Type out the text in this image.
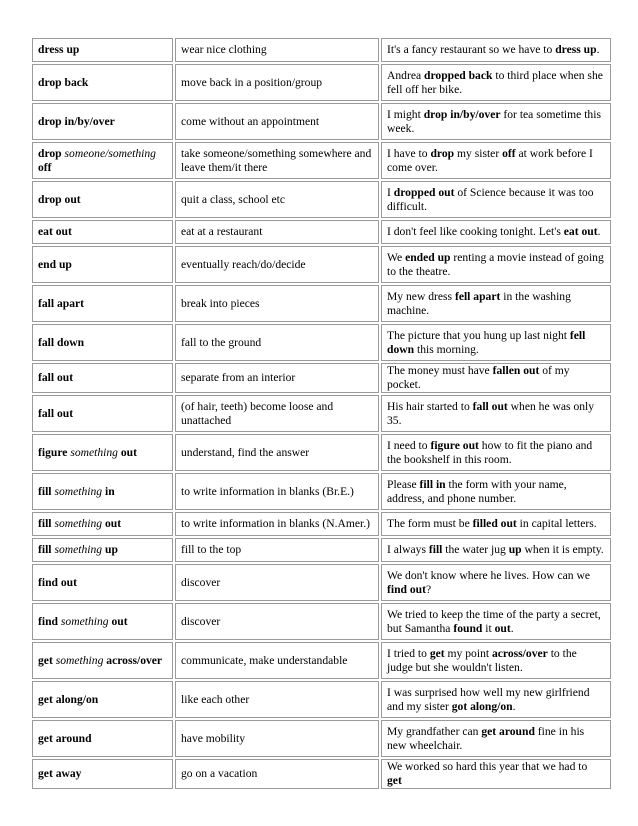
dress up	wear nice clothing	It's a fancy restaurant so we have to dress up.
drop back	move back in a position/group	Andrea dropped back to third place when she fell off her bike.
drop in/by/over	come without an appointment	I might drop in/by/over for tea sometime this week.
drop someone/something off	take someone/something somewhere and leave them/it there	I have to drop my sister off at work before I come over.
drop out	quit a class, school etc	I dropped out of Science because it was too difficult.
eat out	eat at a restaurant	I don't feel like cooking tonight. Let's eat out.
end up	eventually reach/do/decide	We ended up renting a movie instead of going to the theatre.
fall apart	break into pieces	My new dress fell apart in the washing machine.
fall down	fall to the ground	The picture that you hung up last night fell down this morning.
fall out	separate from an interior	The money must have fallen out of my pocket.
fall out	(of hair, teeth) become loose and unattached	His hair started to fall out when he was only 35.
figure something out	understand, find the answer	I need to figure out how to fit the piano and the bookshelf in this room.
fill something in	to write information in blanks (Br.E.)	Please fill in the form with your name, address, and phone number.
fill something out	to write information in blanks (N.Amer.)	The form must be filled out in capital letters.
fill something up	fill to the top	I always fill the water jug up when it is empty.
find out	discover	We don't know where he lives. How can we find out?
find something out	discover	We tried to keep the time of the party a secret, but Samantha found it out.
get something across/over	communicate, make understandable	I tried to get my point across/over to the judge but she wouldn't listen.
get along/on	like each other	I was surprised how well my new girlfriend and my sister got along/on.
get around	have mobility	My grandfather can get around fine in his new wheelchair.
get away	go on a vacation	We worked so hard this year that we had to get
